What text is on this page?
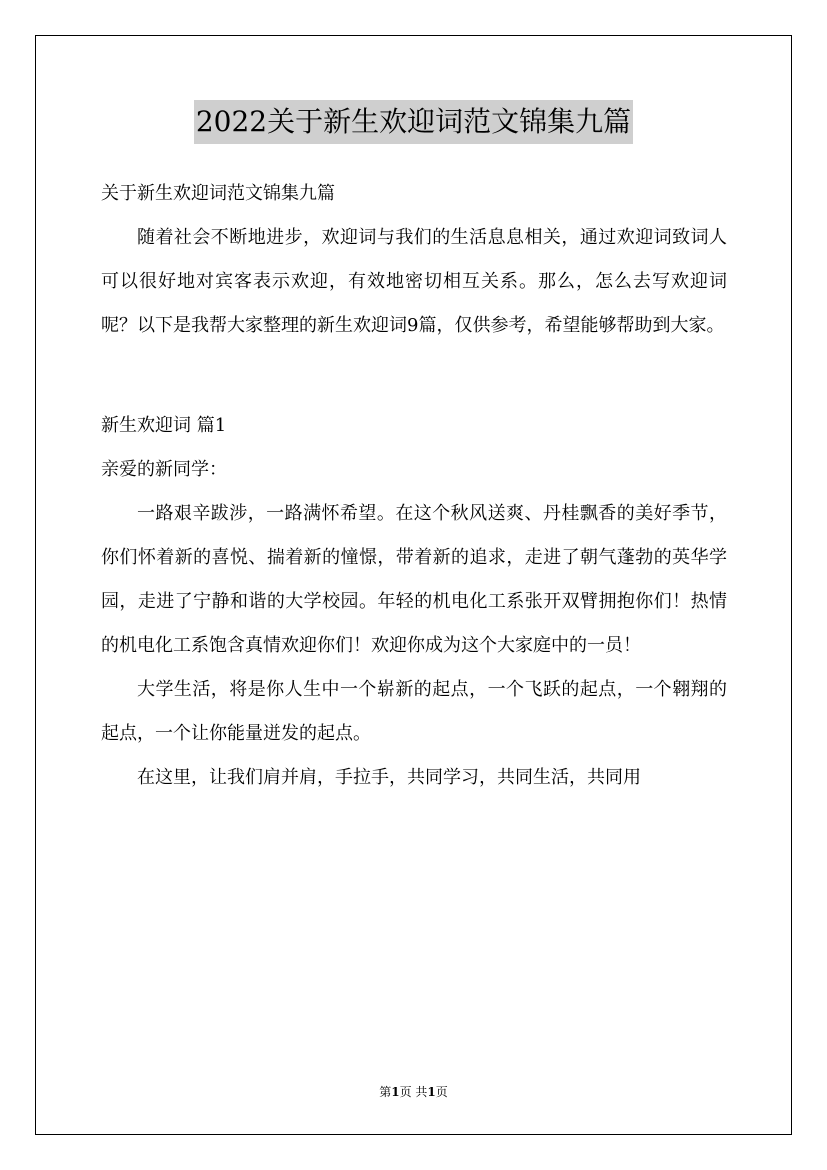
2022关于新生欢迎词范文锦集九篇
关于新生欢迎词范文锦集九篇

随着社会不断地进步，欢迎词与我们的生活息息相关，通过欢迎词致词人可以很好地对宾客表示欢迎，有效地密切相互关系。那么，怎么去写欢迎词呢？以下是我帮大家整理的新生欢迎词9篇，仅供参考，希望能够帮助到大家。

新生欢迎词 篇1
亲爱的新同学：

一路艰辛跋涉，一路满怀希望。在这个秋风送爽、丹桂飘香的美好季节，你们怀着新的喜悦、揣着新的憧憬，带着新的追求，走进了朝气蓬勃的英华学园，走进了宁静和谐的大学校园。年轻的机电化工系张开双臂拥抱你们！热情的机电化工系饱含真情欢迎你们！欢迎你成为这个大家庭中的一员！

大学生活，将是你人生中一个崭新的起点，一个飞跃的起点，一个翱翔的起点，一个让你能量迸发的起点。

在这里，让我们肩并肩，手拉手，共同学习，共同生活，共同用

第1页 共1页
